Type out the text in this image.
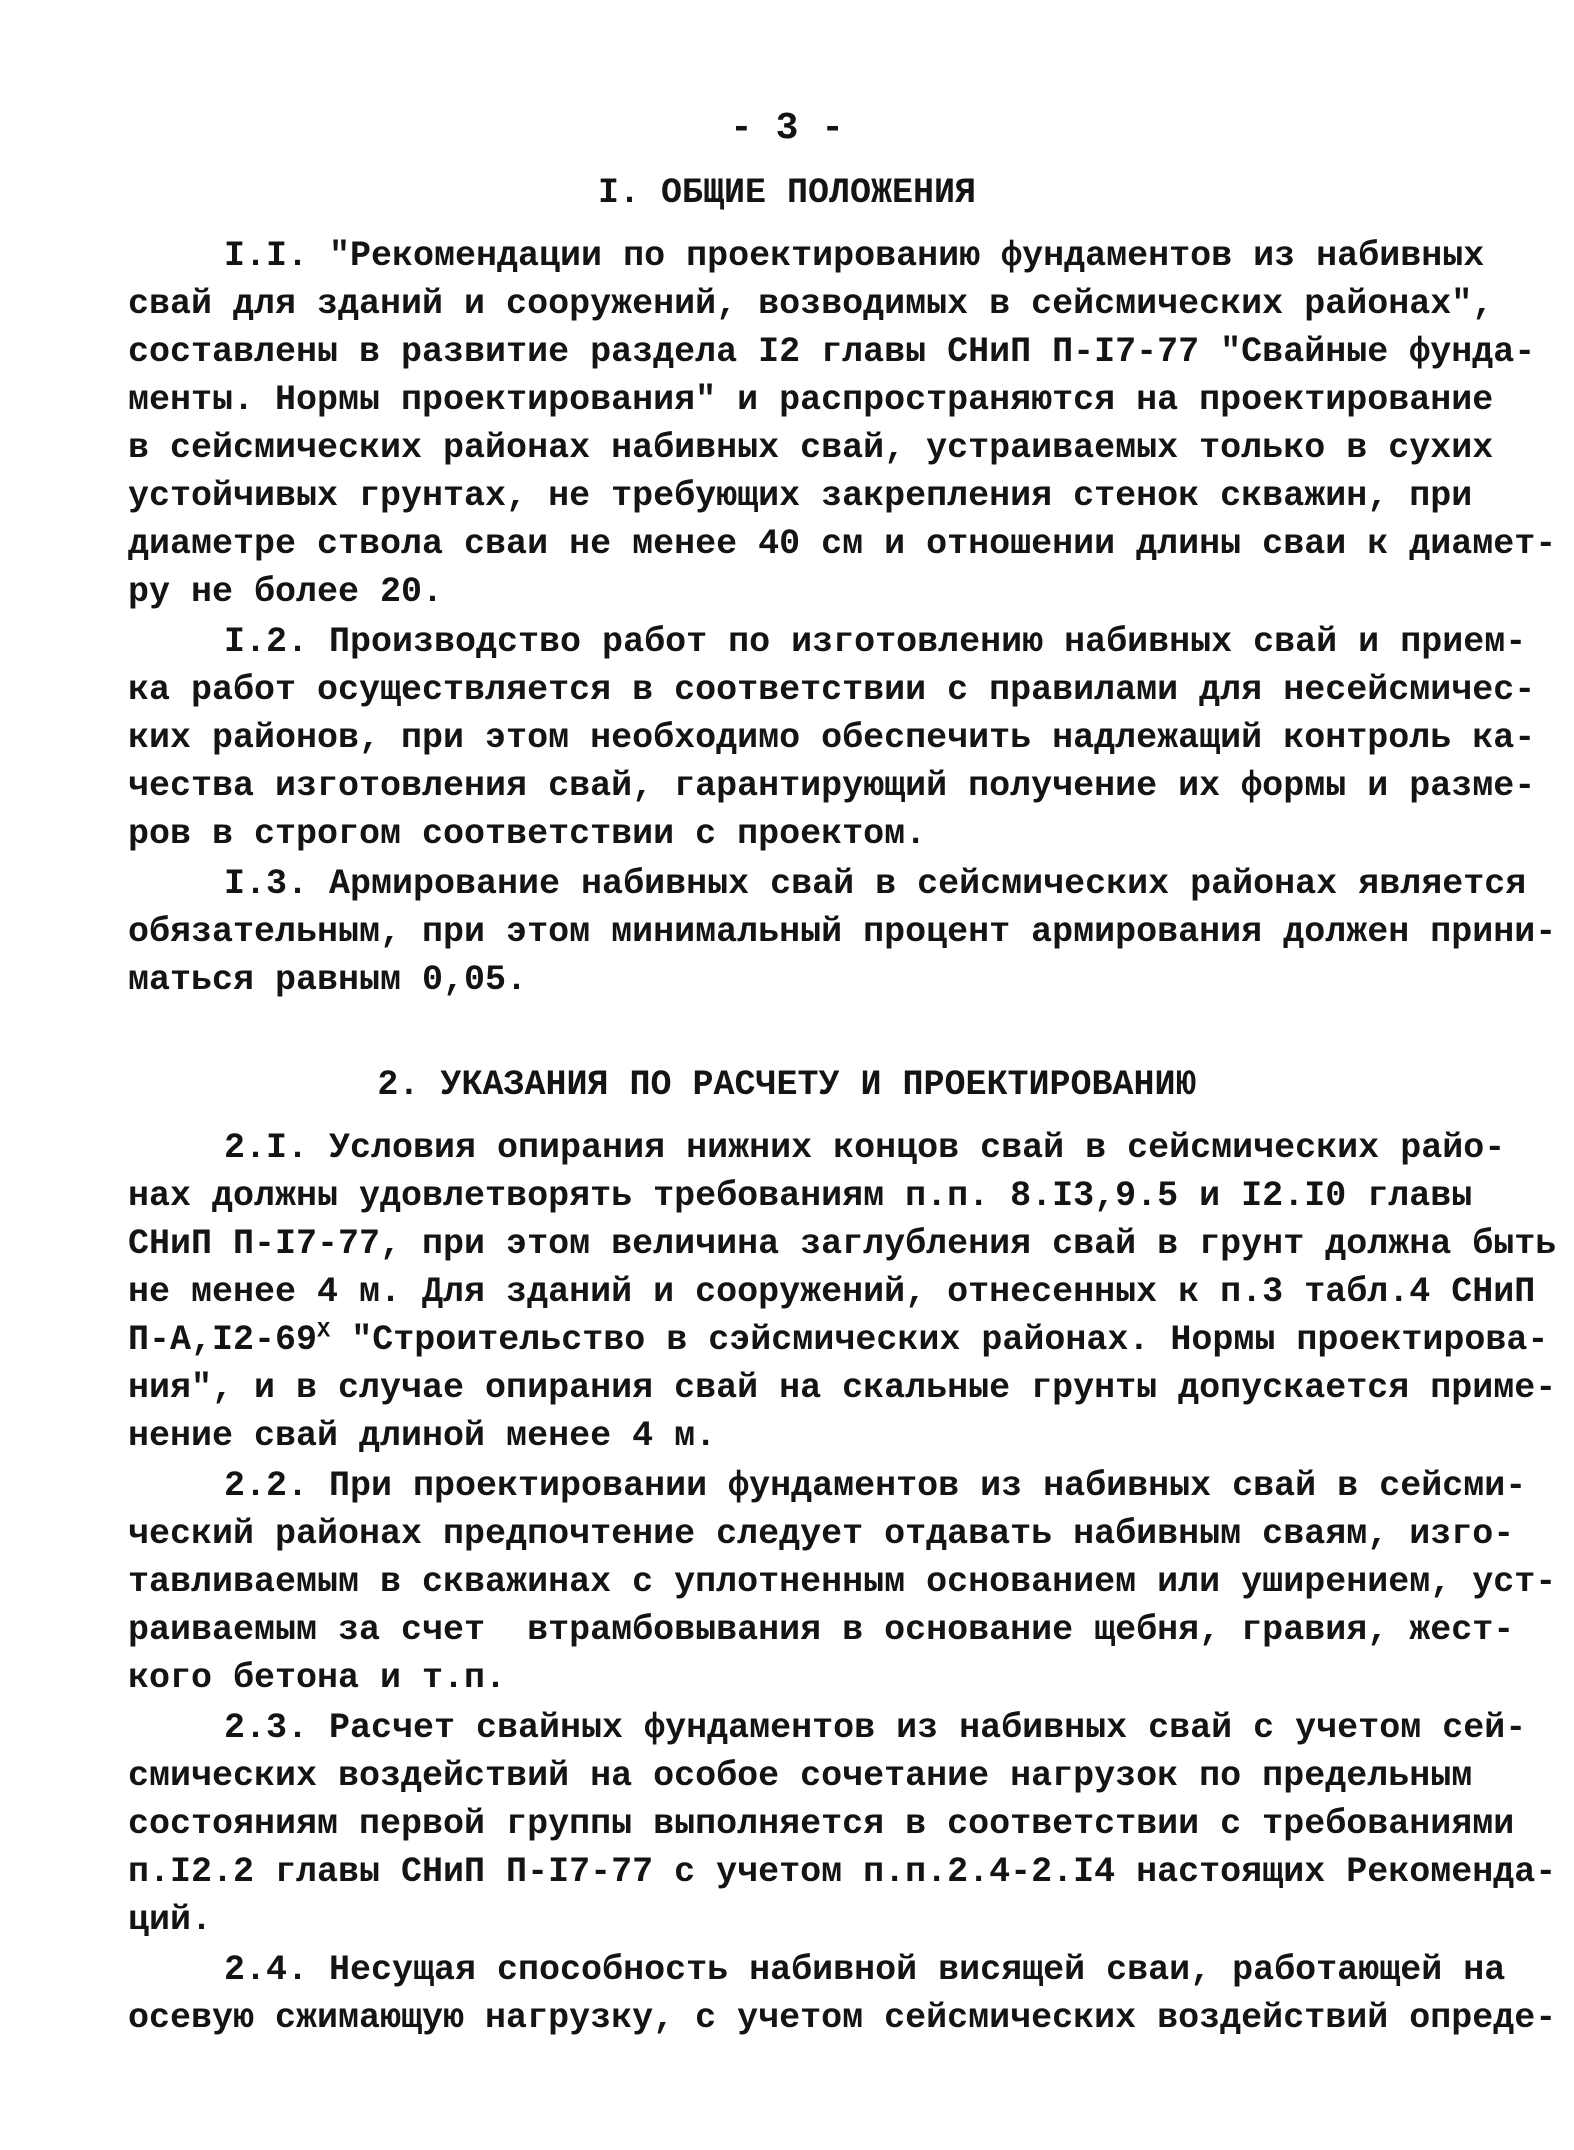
- 3 -
I. ОБЩИЕ ПОЛОЖЕНИЯ
I.I. "Рекомендации по проектированию фундаментов из набивных
свай для зданий и сооружений, возводимых в сейсмических районах",
составлены в развитие раздела I2 главы СНиП П-I7-77 "Свайные фунда-
менты. Нормы проектирования" и распространяются на проектирование
в сейсмических районах набивных свай, устраиваемых только в сухих
устойчивых грунтах, не требующих закрепления стенок скважин, при
диаметре ствола сваи не менее 40 см и отношении длины сваи к диамет-
ру не более 20.
I.2. Производство работ по изготовлению набивных свай и прием-
ка работ осуществляется в соответствии с правилами для несейсмичес-
ких районов, при этом необходимо обеспечить надлежащий контроль ка-
чества изготовления свай, гарантирующий получение их формы и разме-
ров в строгом соответствии с проектом.
I.3. Армирование набивных свай в сейсмических районах является
обязательным, при этом минимальный процент армирования должен прини-
маться равным 0,05.
2. УКАЗАНИЯ ПО РАСЧЕТУ И ПРОЕКТИРОВАНИЮ
2.I. Условия опирания нижних концов свай в сейсмических райо-
нах должны удовлетворять требованиям п.п. 8.I3,9.5 и I2.I0 главы
СНиП П-I7-77, при этом величина заглубления свай в грунт должна быть
не менее 4 м. Для зданий и сооружений, отнесенных к п.3 табл.4 СНиП
$П-А,I2-69^Х$ "Строительство в сэйсмических районах. Нормы проектирова-
ния", и в случае опирания свай на скальные грунты допускается приме-
нение свай длиной менее 4 м.
2.2. При проектировании фундаментов из набивных свай в сейсми-
ческий районах предпочтение следует отдавать набивным сваям, изго-
тавливаемым в скважинах с уплотненным основанием или уширением, уст-
раиваемым за счет  втрамбовывания в основание щебня, гравия, жест-
кого бетона и т.п.
2.3. Расчет свайных фундаментов из набивных свай с учетом сей-
смических воздействий на особое сочетание нагрузок по предельным
состояниям первой группы выполняется в соответствии с требованиями
п.I2.2 главы СНиП П-I7-77 с учетом п.п.2.4-2.I4 настоящих Рекоменда-
ций.
2.4. Несущая способность набивной висящей сваи, работающей на
осевую сжимающую нагрузку, с учетом сейсмических воздействий опреде-
